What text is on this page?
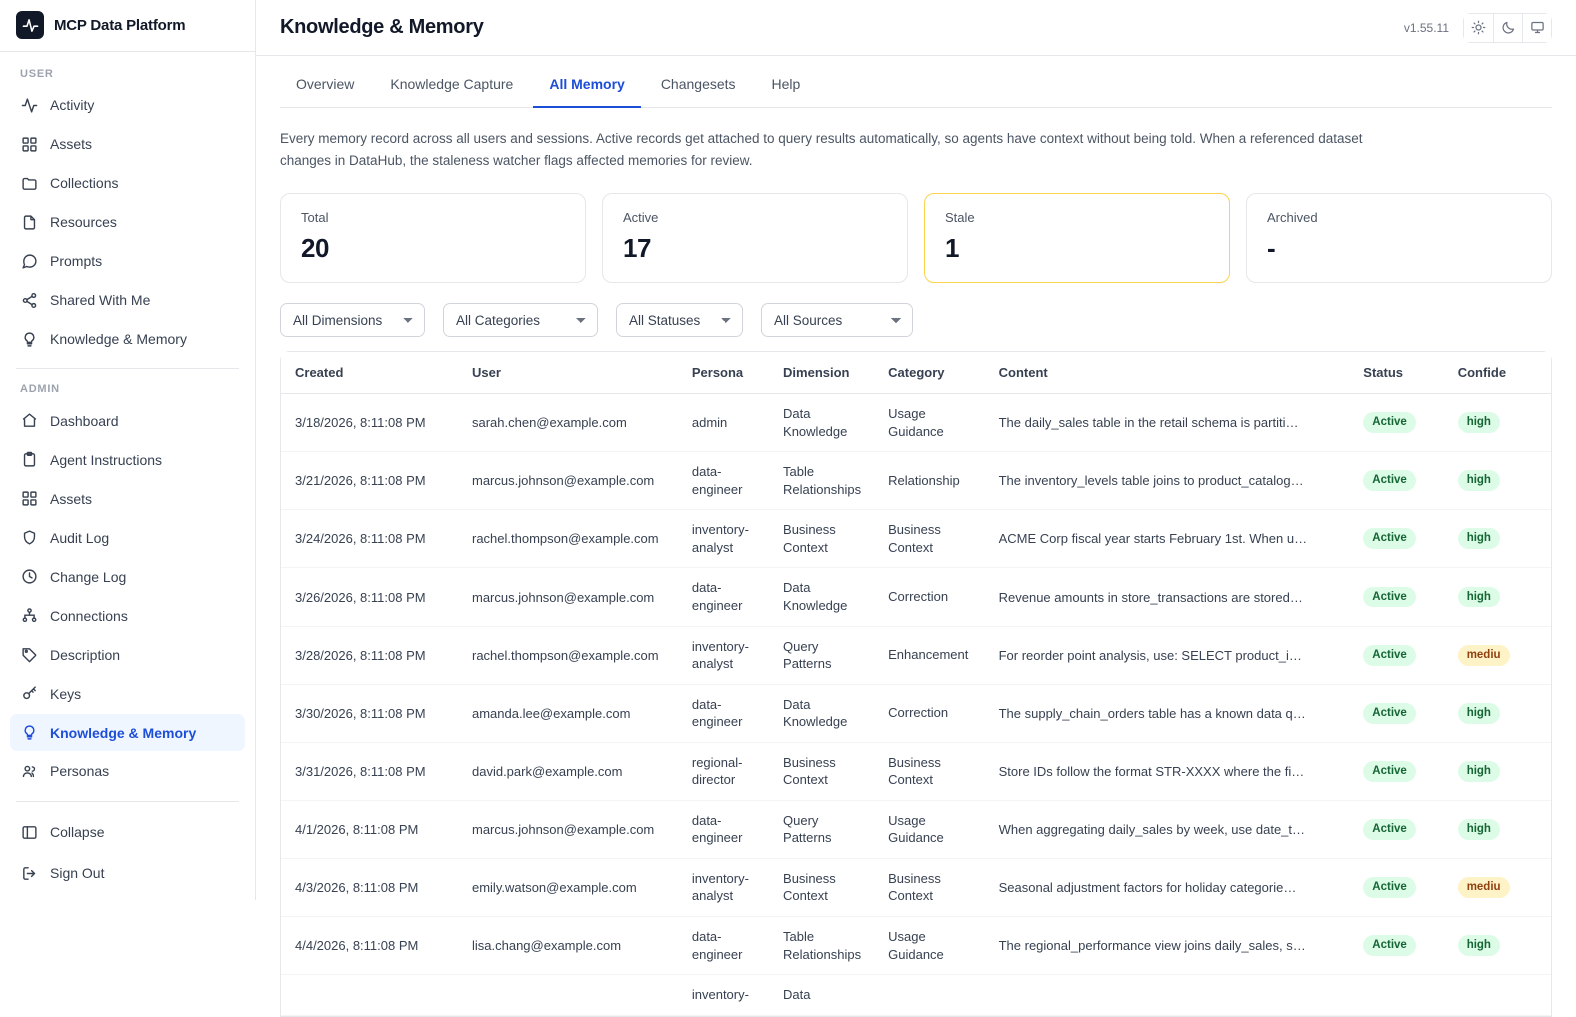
MCP Data Platform
USER
Activity
Assets
Collections
Resources
Prompts
Shared With Me
Knowledge & Memory
ADMIN
Dashboard
Agent Instructions
Assets
Audit Log
Change Log
Connections
Description
Keys
Knowledge & Memory
Personas
Collapse
Sign Out
Knowledge & Memory	v1.55.11
Overview	Knowledge Capture	All Memory	Changesets	Help

Every memory record across all users and sessions. Active records get attached to query results automatically, so agents have context without being told. When a referenced dataset changes in DataHub, the staleness watcher flags affected memories for review.

Total
20
Active
17
Stale
1
Archived
-
All Dimensions
All Categories
All Statuses
All Sources
Created	User	Persona	Dimension	Category	Content	Status	Confide
3/18/2026, 8:11:08 PM	sarah.chen@example.com	admin	Data Knowledge	Usage Guidance	The daily_sales table in the retail schema is partiti…	Active	high
3/21/2026, 8:11:08 PM	marcus.johnson@example.com	data-engineer	Table Relationships	Relationship	The inventory_levels table joins to product_catalog…	Active	high
3/24/2026, 8:11:08 PM	rachel.thompson@example.com	inventory-analyst	Business Context	Business Context	ACME Corp fiscal year starts February 1st. When u…	Active	high
3/26/2026, 8:11:08 PM	marcus.johnson@example.com	data-engineer	Data Knowledge	Correction	Revenue amounts in store_transactions are stored…	Active	high
3/28/2026, 8:11:08 PM	rachel.thompson@example.com	inventory-analyst	Query Patterns	Enhancement	For reorder point analysis, use: SELECT product_i…	Active	mediu
3/30/2026, 8:11:08 PM	amanda.lee@example.com	data-engineer	Data Knowledge	Correction	The supply_chain_orders table has a known data q…	Active	high
3/31/2026, 8:11:08 PM	david.park@example.com	regional-director	Business Context	Business Context	Store IDs follow the format STR-XXXX where the fi…	Active	high
4/1/2026, 8:11:08 PM	marcus.johnson@example.com	data-engineer	Query Patterns	Usage Guidance	When aggregating daily_sales by week, use date_t…	Active	high
4/3/2026, 8:11:08 PM	emily.watson@example.com	inventory-analyst	Business Context	Business Context	Seasonal adjustment factors for holiday categorie…	Active	mediu
4/4/2026, 8:11:08 PM	lisa.chang@example.com	data-engineer	Table Relationships	Usage Guidance	The regional_performance view joins daily_sales, s…	Active	high
		inventory-	Data				
